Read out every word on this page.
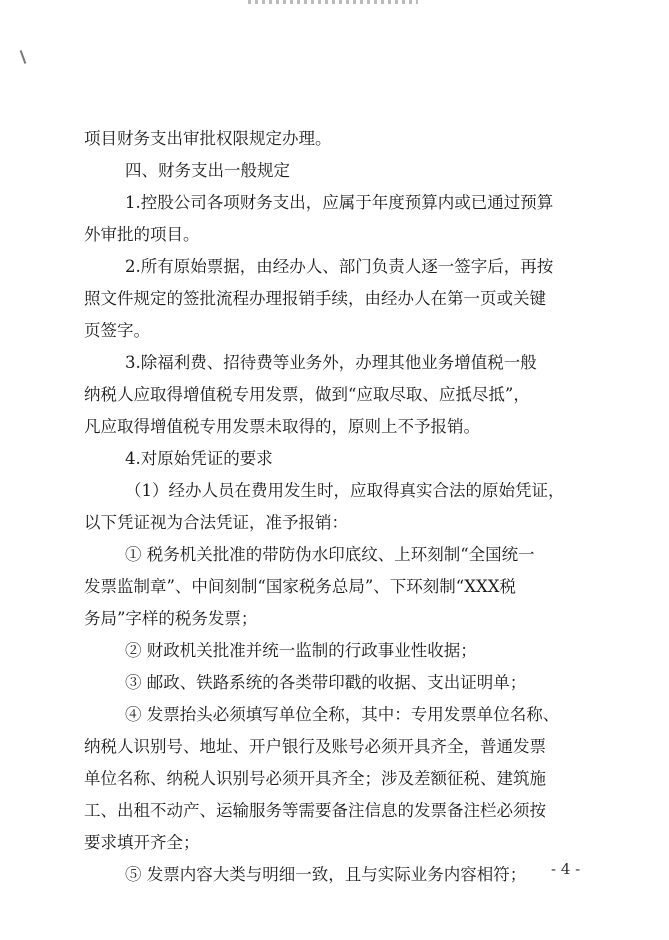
项目财务支出审批权限规定办理。
四、财务支出一般规定
1.控股公司各项财务支出，应属于年度预算内或已通过预算
外审批的项目。
2.所有原始票据，由经办人、部门负责人逐一签字后，再按
照文件规定的签批流程办理报销手续，由经办人在第一页或关键
页签字。
3.除福利费、招待费等业务外，办理其他业务增值税一般
纳税人应取得增值税专用发票，做到“应取尽取、应抵尽抵”，
凡应取得增值税专用发票未取得的，原则上不予报销。
4.对原始凭证的要求
（1）经办人员在费用发生时，应取得真实合法的原始凭证，
以下凭证视为合法凭证，准予报销：
① 税务机关批准的带防伪水印底纹、上环刻制“全国统一
发票监制章”、中间刻制“国家税务总局”、下环刻制“XXX税
务局”字样的税务发票；
② 财政机关批准并统一监制的行政事业性收据；
③ 邮政、铁路系统的各类带印戳的收据、支出证明单；
④ 发票抬头必须填写单位全称，其中：专用发票单位名称、
纳税人识别号、地址、开户银行及账号必须开具齐全，普通发票
单位名称、纳税人识别号必须开具齐全；涉及差额征税、建筑施
工、出租不动产、运输服务等需要备注信息的发票备注栏必须按
要求填开齐全；
⑤ 发票内容大类与明细一致，且与实际业务内容相符； - 4 -
